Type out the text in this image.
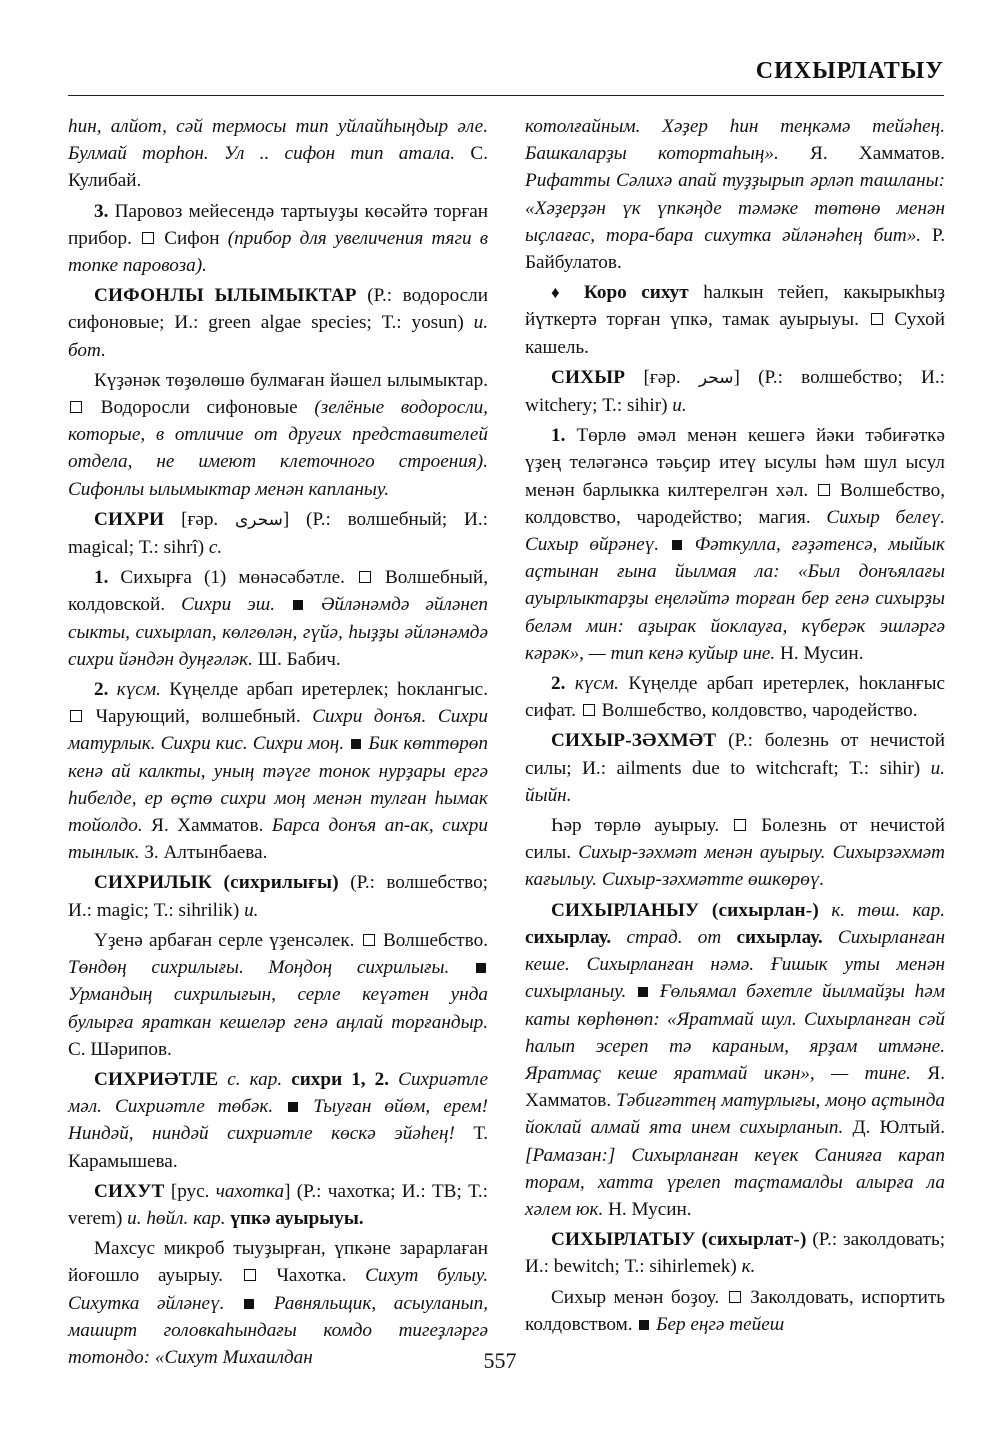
СИХЫРЛАТЫУ

һин, алйот, сәй термосы тип уйлайһыңдыр әле. Булмай торһон. Ул .. сифон тип атала. С. Кулибай.

3. Паровоз мейесендә тартыуҙы көсәйтә торған прибор. Сифон (прибор для увеличения тяги в топке паровоза).

СИФОНЛЫ ЫЛЫМЫКТАР (Р.: водоросли сифоновые; И.: green algae species; Т.: yosun) и. бот.

Күҙәнәк төҙөлөшө булмаған йәшел ылымыктар.  Водоросли сифоновые (зелёные водоросли, которые, в отличие от других представителей отдела, не имеют клеточного строения). Сифонлы ылымыктар менән капланыу.

СИХРИ [ғәр. سحرى] (Р.: волшебный; И.: magical; Т.: sihrî) с.

1. Сихырға (1) мөнәсәбәтле. Волшебный, колдовской. Сихри эш. Әйләнәмдә әйләнеп сыкты, сихырлап, көлгөлән, гүйә, һыҙҙы әйләнәмдә сихри йәндән дуңғәләк. Ш. Бабич.

2. күсм. Күңелде арбап иретерлек; һоклангыс.  Чарующий, волшебный. Сихри донъя. Сихри матурлык. Сихри кис. Сихри моң. Бик көттөрөп кенә ай калкты, уның тәүге тонок нурҙары ергә һибелде, ер өҫтө сихри моң менән тулған һымак тойолдо. Я. Хамматов. Барса донъя ап-ак, сихри тынлык. З. Алтынбаева.

СИХРИЛЫК (сихрилығы) (Р.: волшебство; И.: magic; Т.: sihrilik) и.

Үҙенә арбаған серле үҙенсәлек. Волшебство. Төндөң сихрилығы. Моңдоң сихрилығы.  Урмандың сихрилығын, серле кеүәтен унда булырға яраткан кешеләр генә аңлай торғандыр. С. Шәрипов.

СИХРИӘТЛЕ с. кар. сихри 1, 2. Сихриәтле мәл. Сихриәтле төбәк. Тыуған өйөм, ерем! Ниндәй, ниндәй сихриәтле көскә эйәһең! Т. Карамышева.

СИХУТ [рус. чахотка] (Р.: чахотка; И.: TB; Т.: verem) и. һөйл. кар. үпкә ауырыуы.

Махсус микроб тыуҙырған, үпкәне зарарлаған йоғошло ауырыу.	Чахотка. Сихут булыу. Сихутка әйләнеү.	Равняльщик, асыуланып, маширт головкаһындағы комдо тигеҙләргә тотондо: «Сихут Михаилдан

котолғайным. Хәҙер һин теңкәмә тейәһең. Башкаларҙы котортаһың». Я. Хамматов. Рифатты Сәлихә апай туҙҙырып әрләп ташланы: «Хәҙерҙән үк үпкәңде тәмәке төтөнө менән ыҫлағас, тора-бара сихутка әйләнәһең бит». Р. Байбулатов.

♦ Коро сихут һалкын тейеп, какырыкһыҙ йүткертә торған үпкә, тамак ауырыуы. Сухой кашель.

СИХЫР [ғәр. سحر] (Р.: волшебство; И.: witchery; Т.: sihir) и.

1. Төрлө әмәл менән кешегә йәки тәбиғәткә үҙең теләгәнсә тәьҫир итеү ысулы һәм шул ысул менән барлыкка килтерелгән хәл. Волшебство, колдовство, чародейство; магия. Сихыр белеү. Сихыр өйрәнеү. Фәткулла, ғәҙәтенсә, мыйык аҫтынан ғына йылмая ла: «Был донъялағы ауырлыктарҙы еңеләйтә торған бер генә сихырҙы беләм мин: аҙырак йоклауға, күберәк эшләргә кәрәк», — тип кенә куйыр ине. Н. Мусин.

2. күсм. Күңелде арбап иретерлек, һокланғыс сифат. Волшебство, колдовство, чародейство.

СИХЫР-ЗӘХМӘТ (Р.: болезнь от нечистой силы; И.: ailments due to witchcraft; Т.: sihir) и. йыйн.

Һәр төрлө ауырыу. Болезнь от нечистой силы. Сихыр-зәхмәт менән ауырыу. Сихырзәхмәт кағылыу. Сихыр-зәхмәтте өшкөрөү.

СИХЫРЛАНЫУ (сихырлан-) к. төш. кар. сихырлау. страд. от сихырлау. Сихырланған кеше. Сихырланған нәмә. Ғишык уты менән сихырланыу. Ғөльямал бәхетле йылмайҙы һәм каты көрһөнөп: «Яратмай шул. Сихырланған сәй һалып эсереп тә караным, ярҙам итмәне. Яратмаҫ кеше яратмай икән», — тине. Я. Хамматов. Тәбиғәттең матурлығы, моңо аҫтында йоклай алмай ята инем сихырланып. Д. Юлтый. [Рамазан:] Сихырланған кеүек Санияға карап торам, хатта үрелеп таҫтамалды алырға ла хәлем юк. Н. Мусин.

СИХЫРЛАТЫУ (сихырлат-) (Р.: заколдовать; И.: bewitch; Т.: sihirlemek) к.

Сихыр менән боҙоу. Заколдовать, испортить колдовством. Бер еңгә тейеш

557
